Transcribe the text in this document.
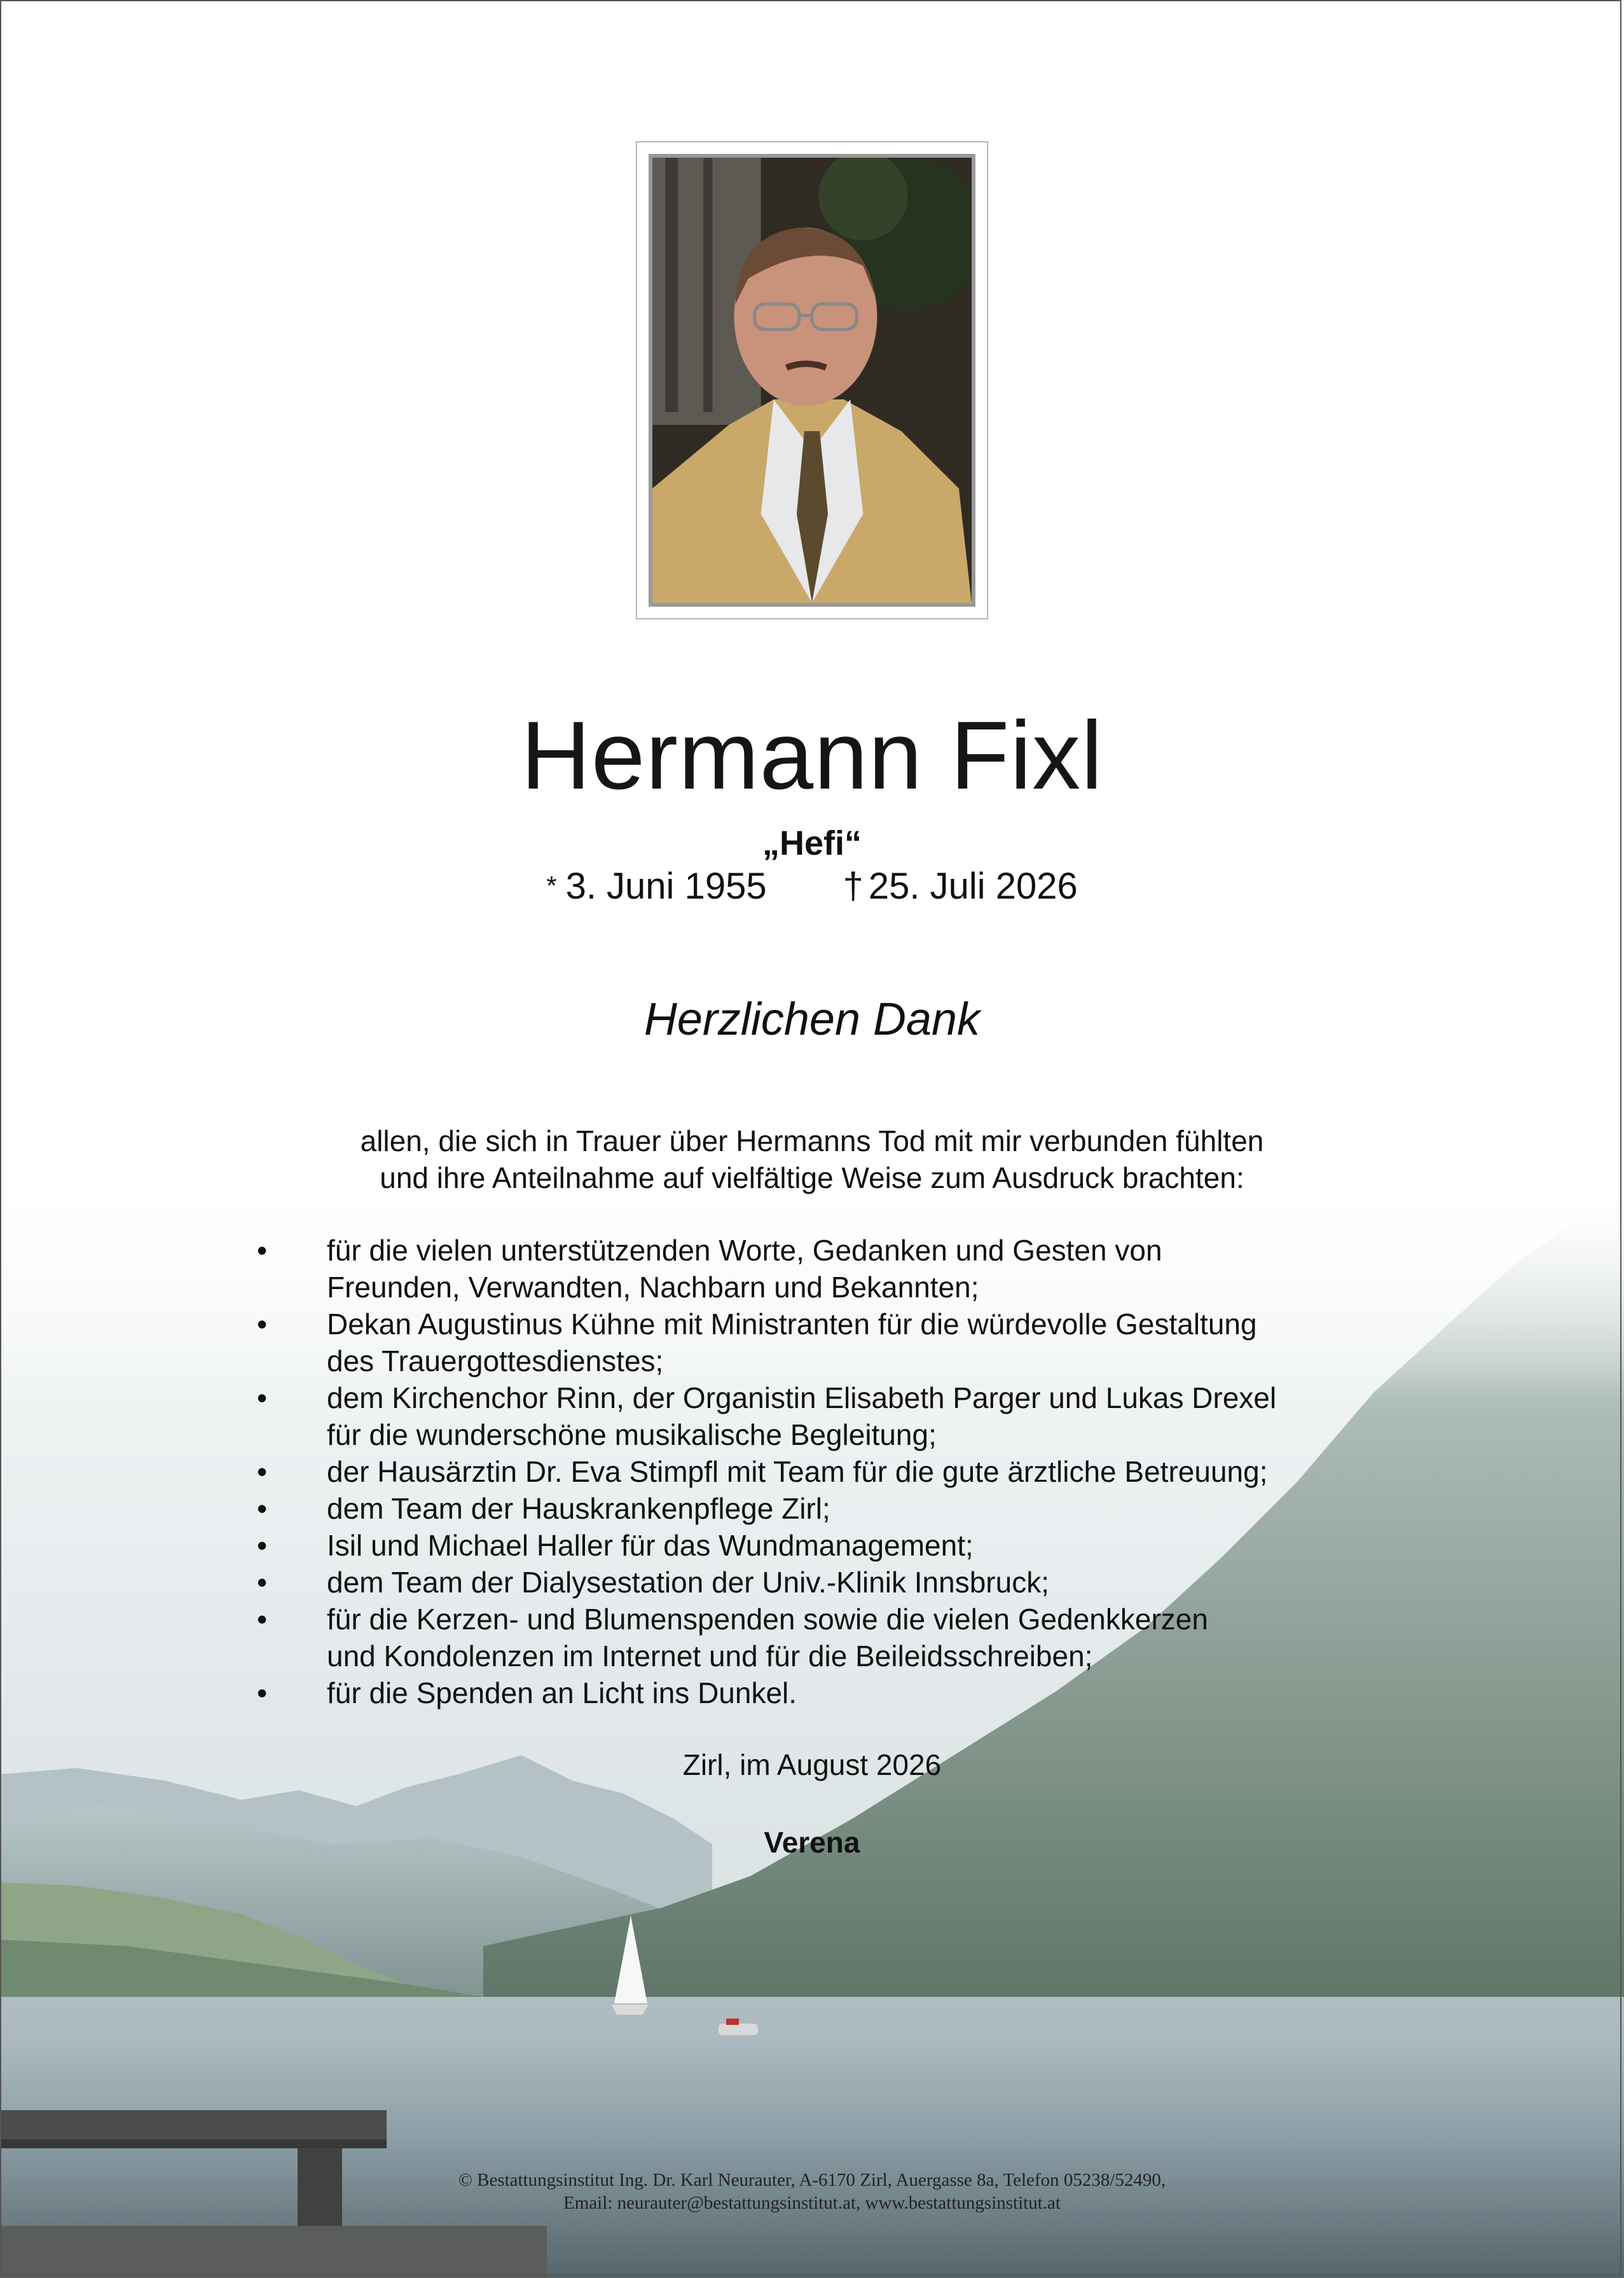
Hermann Fixl
„Hefi“
* 3. Juni 1955 † 25. Juli 2026
Herzlichen Dank
allen, die sich in Trauer über Hermanns Tod mit mir verbunden fühlten
und ihre Anteilnahme auf vielfältige Weise zum Ausdruck brachten:
• für die vielen unterstützenden Worte, Gedanken und Gesten von
Freunden, Verwandten, Nachbarn und Bekannten;
• Dekan Augustinus Kühne mit Ministranten für die würdevolle Gestaltung
des Trauergottesdienstes;
• dem Kirchenchor Rinn, der Organistin Elisabeth Parger und Lukas Drexel
für die wunderschöne musikalische Begleitung;
• der Hausärztin Dr. Eva Stimpfl mit Team für die gute ärztliche Betreuung;
• dem Team der Hauskrankenpflege Zirl;
• Isil und Michael Haller für das Wundmanagement;
• dem Team der Dialysestation der Univ.-Klinik Innsbruck;
• für die Kerzen- und Blumenspenden sowie die vielen Gedenkkerzen
und Kondolenzen im Internet und für die Beileidsschreiben;
• für die Spenden an Licht ins Dunkel.
Zirl, im August 2026
Verena
© Bestattungsinstitut Ing. Dr. Karl Neurauter, A-6170 Zirl, Auergasse 8a, Telefon 05238/52490,
Email: neurauter@bestattungsinstitut.at, www.bestattungsinstitut.at
